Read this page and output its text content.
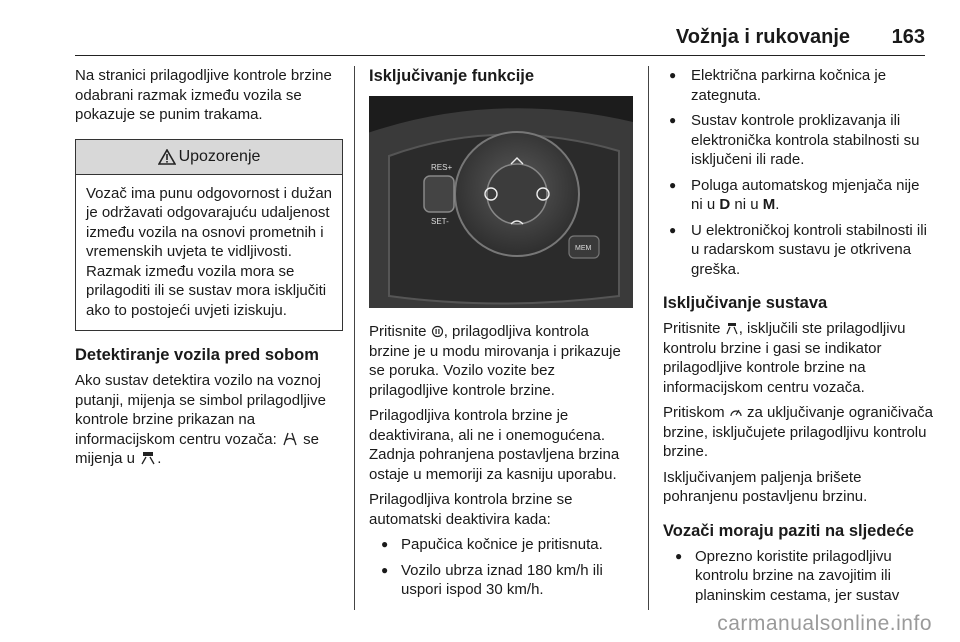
Vožnja i rukovanje 163

Na stranici prilagodljive kontrole brzine odabrani razmak između vozila se pokazuje se punim trakama.

Upozorenje
Vozač ima punu odgovornost i dužan je održavati odgovarajuću udaljenost između vozila na osnovi prometnih i vremenskih uvjeta te vidljivosti. Razmak između vozila mora se prilagoditi ili se sustav mora isključiti ako to postojeći uvjeti iziskuju.
Detektiranje vozila pred sobom

Ako sustav detektira vozilo na voznoj putanji, mijenja se simbol prilagodljive kontrole brzine prikazan na informacijskom centru vozača: se mijenja u .

Isključivanje funkcije
RES+
SET-
MEM

Pritisnite , prilagodljiva kontrola brzine je u modu mirovanja i prikazuje se poruka. Vozilo vozite bez prilagodljive kontrole brzine.

Prilagodljiva kontrola brzine je deaktivirana, ali ne i onemogućena. Zadnja pohranjena postavljena brzina ostaje u memoriji za kasniju uporabu.

Prilagodljiva kontrola brzine se automatski deaktivira kada:

● Papučica kočnice je pritisnuta.
● Vozilo ubrza iznad 180 km/h ili uspori ispod 30 km/h.
● Električna parkirna kočnica je zategnuta.
● Sustav kontrole proklizavanja ili elektronička kontrola stabilnosti su isključeni ili rade.
● Poluga automatskog mjenjača nije ni u D ni u M.
● U elektroničkoj kontroli stabilnosti ili u radarskom sustavu je otkrivena greška.
Isključivanje sustava

Pritisnite , isključili ste prilagodljivu kontrolu brzine i gasi se indikator prilagodljive kontrole brzine na informacijskom centru vozača.

Pritiskom za uključivanje ograničivača brzine, isključujete prilagodljivu kontrolu brzine.

Isključivanjem paljenja brišete pohranjenu postavljenu brzinu.

Vozači moraju paziti na sljedeće
● Oprezno koristite prilagodljivu kontrolu brzine na zavojitim ili planinskim cestama, jer sustav
carmanualsonline.info
